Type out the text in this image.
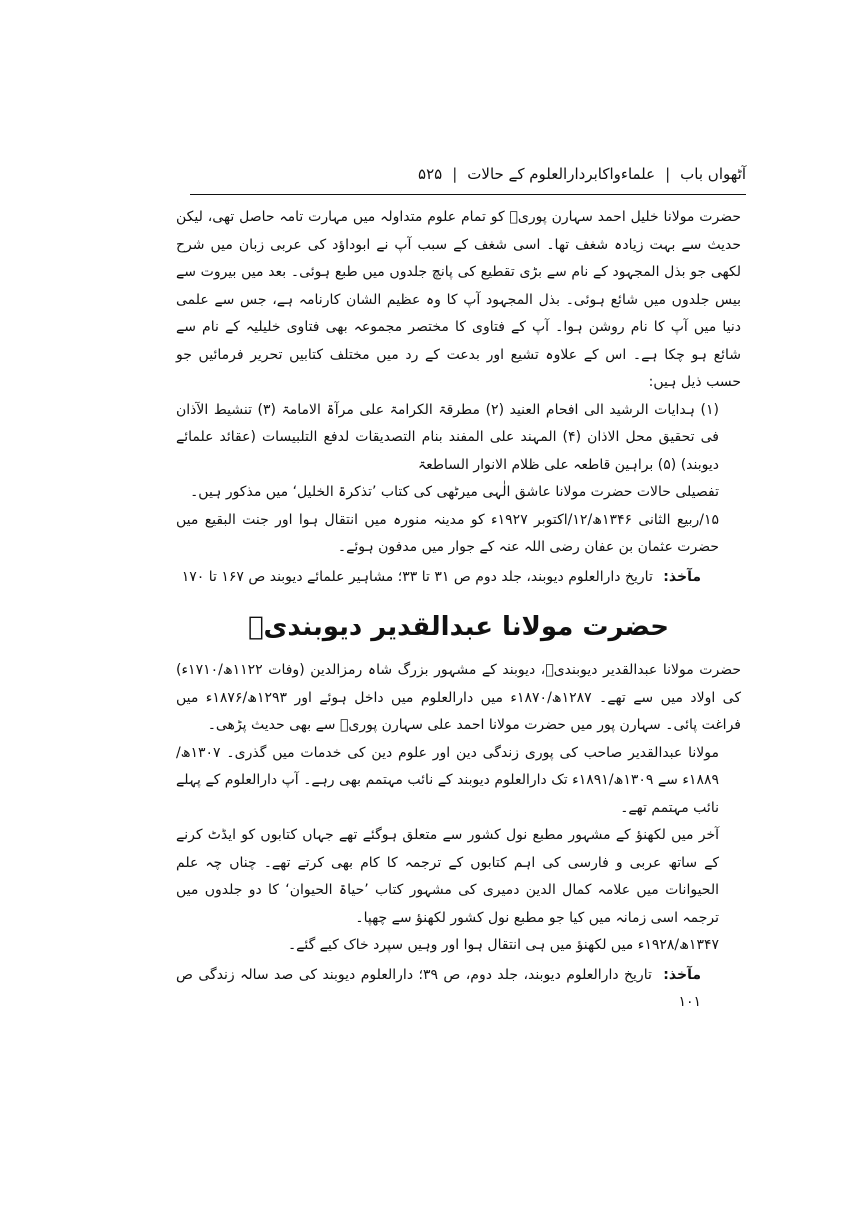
آٹھواں باب
|
علماءواکابردارالعلوم کے حالات
|
۵۲۵

حضرت مولانا خلیل احمد سہارن پوریؒ کو تمام علوم متداولہ میں مہارت تامہ حاصل تھی، لیکن حدیث سے بہت زیادہ شغف تھا۔ اسی شغف کے سبب آپ نے ابوداؤد کی عربی زبان میں شرح لکھی جو بذل المجہود کے نام سے بڑی تقطیع کی پانچ جلدوں میں طبع ہوئی۔ بعد میں بیروت سے بیس جلدوں میں شائع ہوئی۔ بذل المجہود آپ کا وہ عظیم الشان کارنامہ ہے، جس سے علمی دنیا میں آپ کا نام روشن ہوا۔ آپ کے فتاوی کا مختصر مجموعہ بھی فتاوی خلیلیہ کے نام سے شائع ہو چکا ہے۔ اس کے علاوہ تشیع اور بدعت کے رد میں مختلف کتابیں تحریر فرمائیں جو حسب ذیل ہیں:

(۱) ہدایات الرشید الی افحام العنید (۲) مطرقۃ الکرامۃ علی مرآۃ الامامۃ (۳) تنشیط الآذان فی تحقیق محل الاذان (۴) المہند علی المفند بنام التصدیقات لدفع التلبیسات (عقائد علمائے دیوبند) (۵) براہین قاطعہ علی ظلام الانوار الساطعۃ

تفصیلی حالات حضرت مولانا عاشق الٰہی میرٹھی کی کتاب ’تذکرۃ الخلیل‘ میں مذکور ہیں۔

۱۵/ربیع الثانی ۱۳۴۶ھ/۱۲/اکتوبر ۱۹۲۷ء کو مدینہ منورہ میں انتقال ہوا اور جنت البقیع میں حضرت عثمان بن عفان رضی اللہ عنہ کے جوار میں مدفون ہوئے۔

مآخذ: تاریخ دارالعلوم دیوبند، جلد دوم ص ۳۱ تا ۳۳؛ مشاہیر علمائے دیوبند ص ۱۶۷ تا ۱۷۰

حضرت مولانا عبدالقدیر دیوبندیؒ

حضرت مولانا عبدالقدیر دیوبندیؒ، دیوبند کے مشہور بزرگ شاہ رمزالدین (وفات ۱۱۲۲ھ/۱۷۱۰ء) کی اولاد میں سے تھے۔ ۱۲۸۷ھ/۱۸۷۰ء میں دارالعلوم میں داخل ہوئے اور ۱۲۹۳ھ/۱۸۷۶ء میں فراغت پائی۔ سہارن پور میں حضرت مولانا احمد علی سہارن پوریؒ سے بھی حدیث پڑھی۔

مولانا عبدالقدیر صاحب کی پوری زندگی دین اور علوم دین کی خدمات میں گذری۔ ۱۳۰۷ھ/۱۸۸۹ء سے ۱۳۰۹ھ/۱۸۹۱ء تک دارالعلوم دیوبند کے نائب مہتمم بھی رہے۔ آپ دارالعلوم کے پہلے نائب مہتمم تھے۔

آخر میں لکھنؤ کے مشہور مطبع نول کشور سے متعلق ہوگئے تھے جہاں کتابوں کو ایڈٹ کرنے کے ساتھ عربی و فارسی کی اہم کتابوں کے ترجمہ کا کام بھی کرتے تھے۔ چناں چہ علم الحیوانات میں علامہ کمال الدین دمیری کی مشہور کتاب ’حیاۃ الحیوان‘ کا دو جلدوں میں ترجمہ اسی زمانہ میں کیا جو مطبع نول کشور لکھنؤ سے چھپا۔

۱۳۴۷ھ/۱۹۲۸ء میں لکھنؤ میں ہی انتقال ہوا اور وہیں سپرد خاک کیے گئے۔

مآخذ: تاریخ دارالعلوم دیوبند، جلد دوم، ص ۳۹؛ دارالعلوم دیوبند کی صد سالہ زندگی ص ۱۰۱
